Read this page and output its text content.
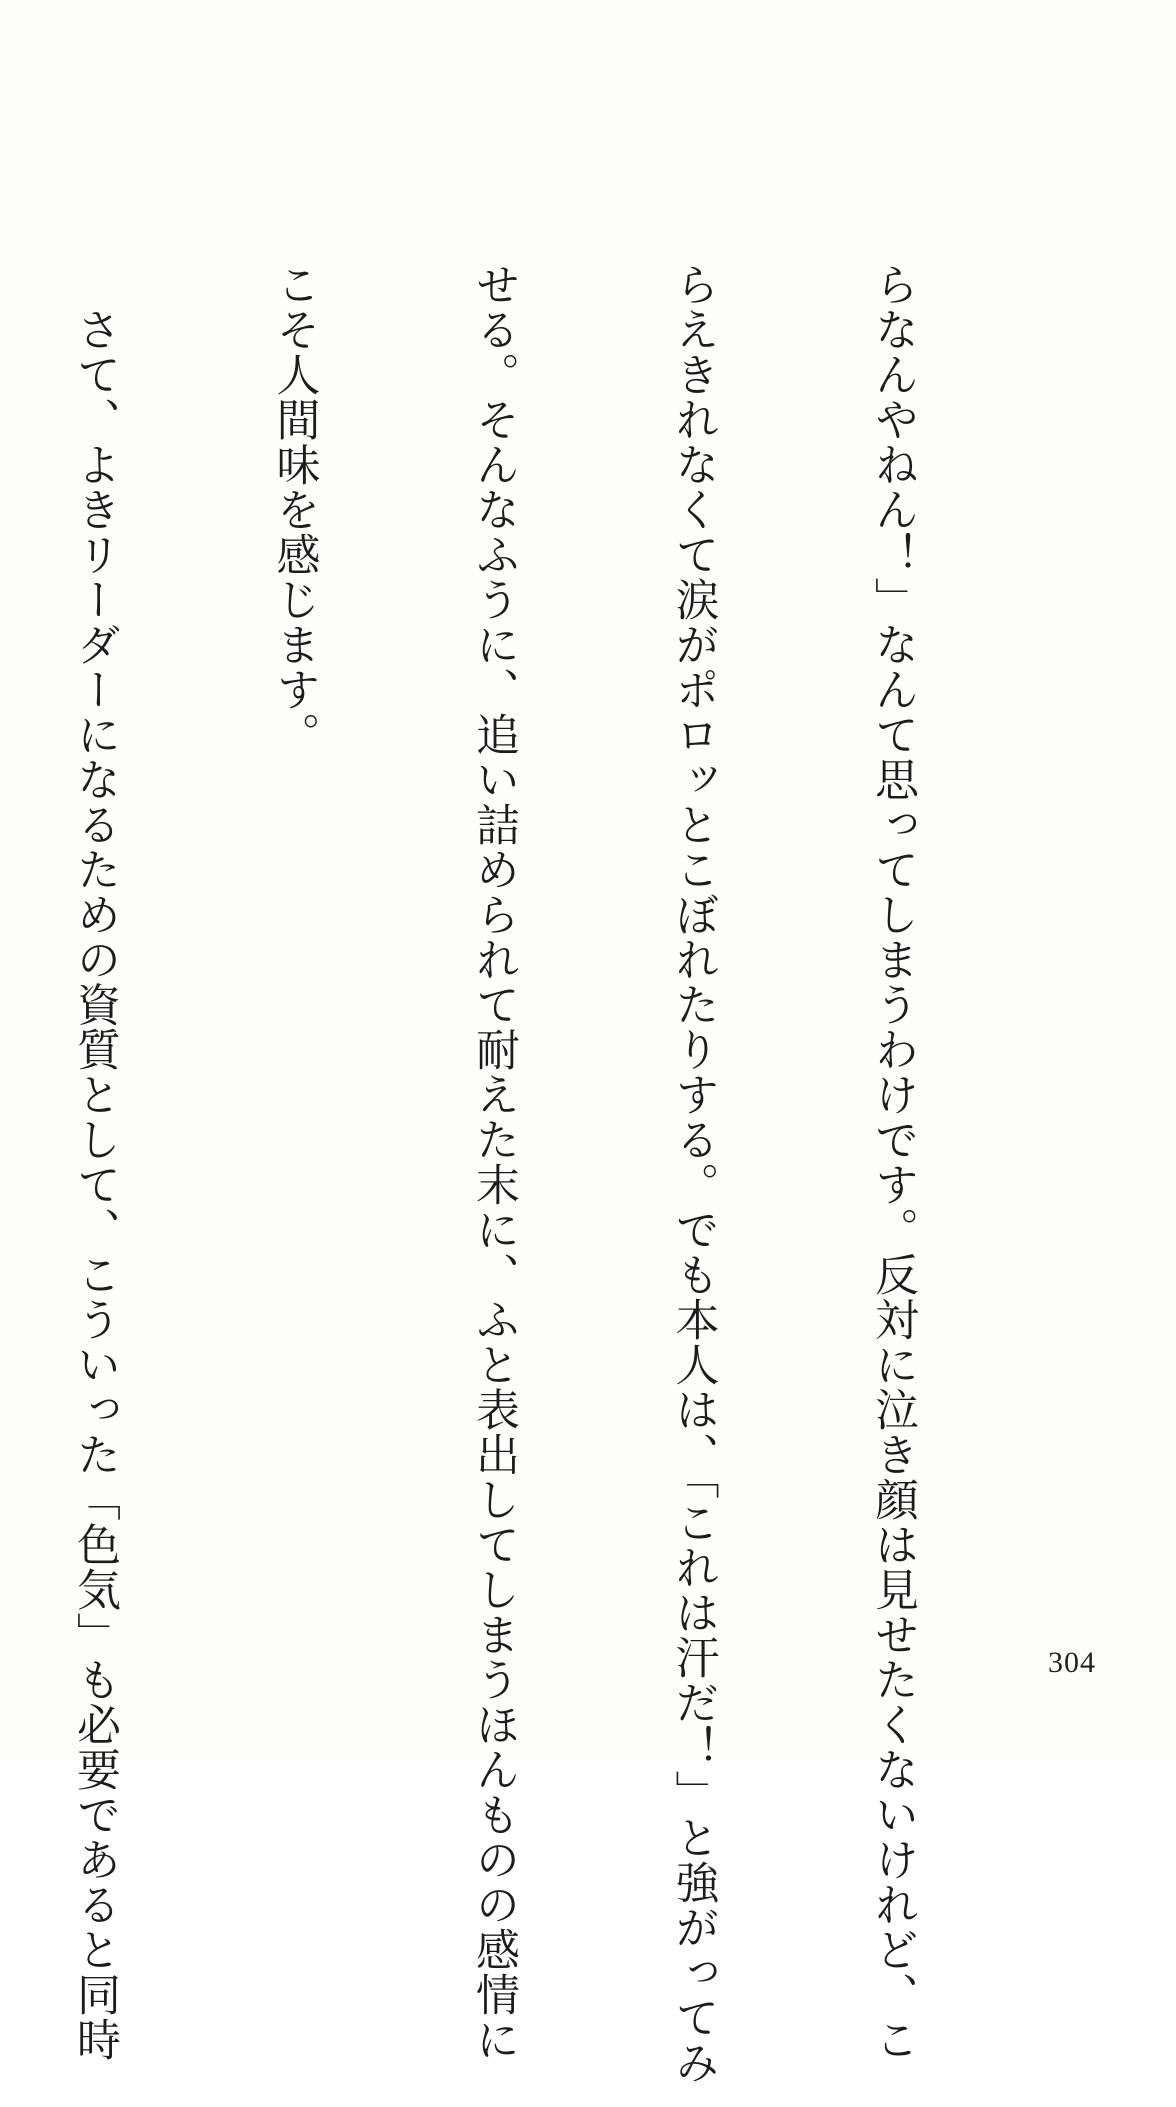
らなんやねん！」なんて思ってしまうわけです。反対に泣き顔は見せたくないけれど、こ

らえきれなくて涙がポロッとこぼれたりする。でも本人は、「これは汗だ！」と強がってみ

せる。そんなふうに、追い詰められて耐えた末に、ふと表出してしまうほんものの感情に

こそ人間味を感じます。

　さて、よきリーダーになるための資質として、こういった「色気」も必要であると同時

	304
